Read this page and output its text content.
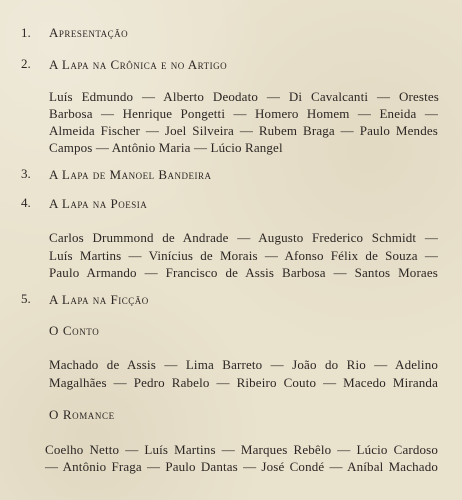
1. Apresentação
2. A Lapa na Crônica e no Artigo
Luís Edmundo — Alberto Deodato — Di Cavalcanti — Orestes
Barbosa — Henrique Pongetti — Homero Homem — Eneida —
Almeida Fischer — Joel Silveira — Rubem Braga — Paulo Mendes
Campos — Antônio Maria — Lúcio Rangel
3. A Lapa de Manoel Bandeira
4. A Lapa na Poesia
Carlos Drummond de Andrade — Augusto Frederico Schmidt —
Luís Martins — Vinícius de Morais — Afonso Félix de Souza —
Paulo Armando — Francisco de Assis Barbosa — Santos Moraes
5. A Lapa na Ficção
O Conto
Machado de Assis — Lima Barreto — João do Rio — Adelino
Magalhães — Pedro Rabelo — Ribeiro Couto — Macedo Miranda
O Romance
Coelho Netto — Luís Martins — Marques Rebêlo — Lúcio Cardoso
— Antônio Fraga — Paulo Dantas — José Condé — Aníbal Machado
